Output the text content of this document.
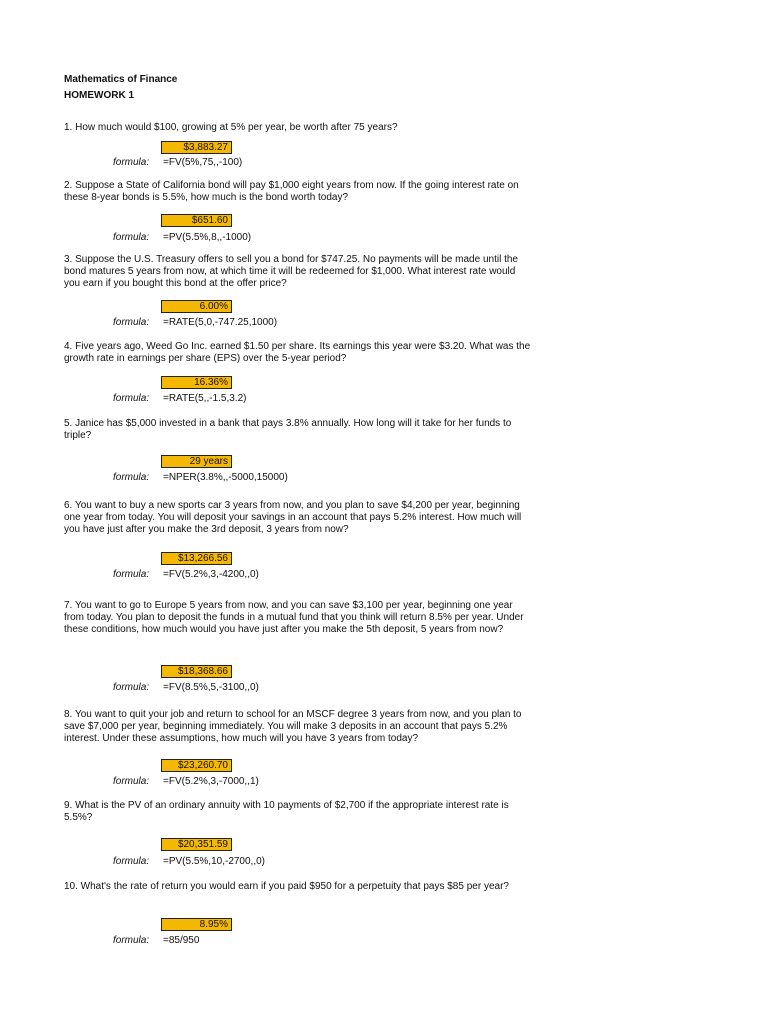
Mathematics of Finance
HOMEWORK 1
1. How much would $100, growing at 5% per year, be worth after 75 years?
$3,883.27
formula: =FV(5%,75,,-100)
2. Suppose a State of California bond will pay $1,000 eight years from now. If the going interest rate on these 8-year bonds is 5.5%, how much is the bond worth today?
$651.60
formula: =PV(5.5%,8,,-1000)
3. Suppose the U.S. Treasury offers to sell you a bond for $747.25. No payments will be made until the bond matures 5 years from now, at which time it will be redeemed for $1,000. What interest rate would you earn if you bought this bond at the offer price?
6.00%
formula: =RATE(5,0,-747.25,1000)
4. Five years ago, Weed Go Inc. earned $1.50 per share. Its earnings this year were $3.20. What was the growth rate in earnings per share (EPS) over the 5-year period?
16.36%
formula: =RATE(5,,-1.5,3.2)
5. Janice has $5,000 invested in a bank that pays 3.8% annually. How long will it take for her funds to triple?
29 years
formula: =NPER(3.8%,,-5000,15000)
6. You want to buy a new sports car 3 years from now, and you plan to save $4,200 per year, beginning one year from today. You will deposit your savings in an account that pays 5.2% interest. How much will you have just after you make the 3rd deposit, 3 years from now?
$13,266.56
formula: =FV(5.2%,3,-4200,,0)
7. You want to go to Europe 5 years from now, and you can save $3,100 per year, beginning one year from today. You plan to deposit the funds in a mutual fund that you think will return 8.5% per year. Under these conditions, how much would you have just after you make the 5th deposit, 5 years from now?
$18,368.66
formula: =FV(8.5%,5,-3100,,0)
8. You want to quit your job and return to school for an MSCF degree 3 years from now, and you plan to save $7,000 per year, beginning immediately. You will make 3 deposits in an account that pays 5.2% interest. Under these assumptions, how much will you have 3 years from today?
$23,260.70
formula: =FV(5.2%,3,-7000,,1)
9. What is the PV of an ordinary annuity with 10 payments of $2,700 if the appropriate interest rate is 5.5%?
$20,351.59
formula: =PV(5.5%,10,-2700,,0)
10. What's the rate of return you would earn if you paid $950 for a perpetuity that pays $85 per year?
8.95%
formula: =85/950
